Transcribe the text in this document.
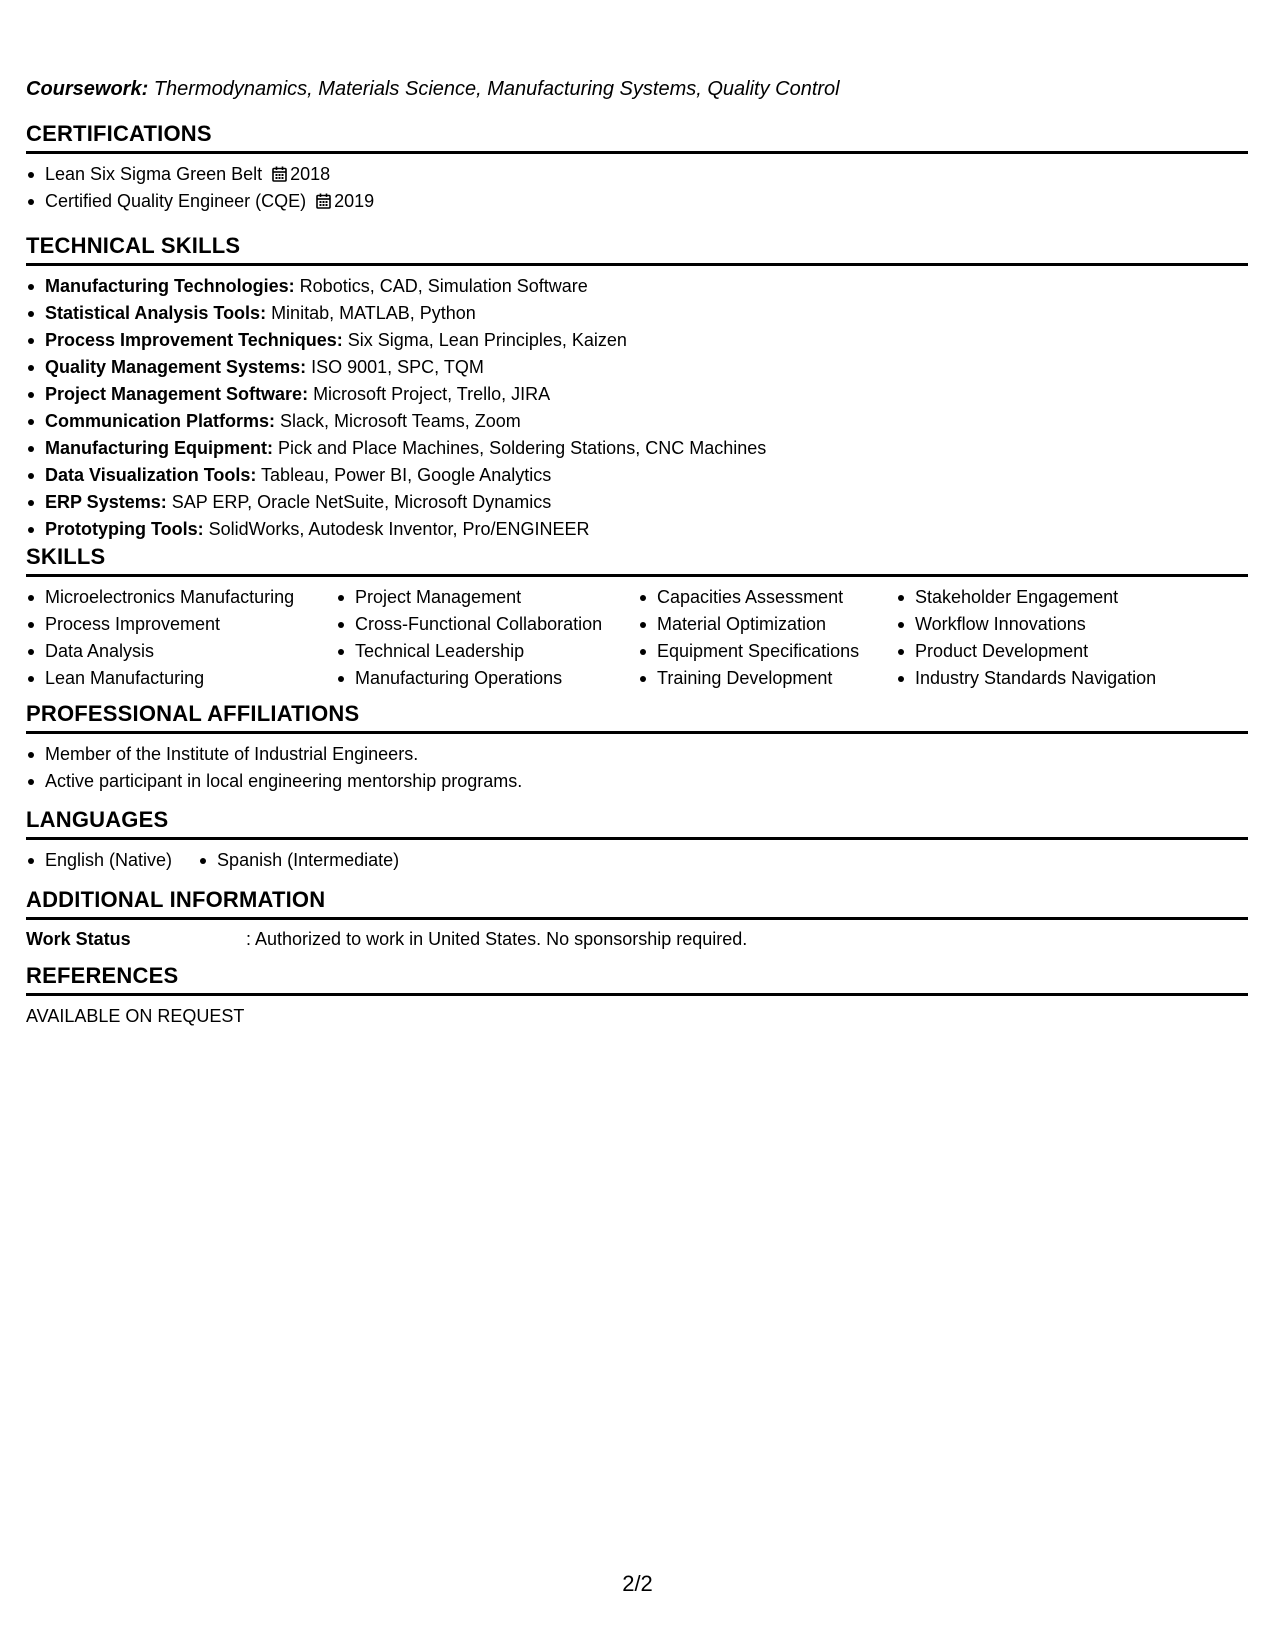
Coursework: Thermodynamics, Materials Science, Manufacturing Systems, Quality Control
CERTIFICATIONS
Lean Six Sigma Green Belt 2018
Certified Quality Engineer (CQE) 2019
TECHNICAL SKILLS
Manufacturing Technologies: Robotics, CAD, Simulation Software
Statistical Analysis Tools: Minitab, MATLAB, Python
Process Improvement Techniques: Six Sigma, Lean Principles, Kaizen
Quality Management Systems: ISO 9001, SPC, TQM
Project Management Software: Microsoft Project, Trello, JIRA
Communication Platforms: Slack, Microsoft Teams, Zoom
Manufacturing Equipment: Pick and Place Machines, Soldering Stations, CNC Machines
Data Visualization Tools: Tableau, Power BI, Google Analytics
ERP Systems: SAP ERP, Oracle NetSuite, Microsoft Dynamics
Prototyping Tools: SolidWorks, Autodesk Inventor, Pro/ENGINEER
SKILLS
Microelectronics Manufacturing
Process Improvement
Data Analysis
Lean Manufacturing
Project Management
Cross-Functional Collaboration
Technical Leadership
Manufacturing Operations
Capacities Assessment
Material Optimization
Equipment Specifications
Training Development
Stakeholder Engagement
Workflow Innovations
Product Development
Industry Standards Navigation
PROFESSIONAL AFFILIATIONS
Member of the Institute of Industrial Engineers.
Active participant in local engineering mentorship programs.
LANGUAGES
English (Native)	Spanish (Intermediate)
ADDITIONAL INFORMATION
Work Status	: Authorized to work in United States. No sponsorship required.
REFERENCES
AVAILABLE ON REQUEST
2/2
